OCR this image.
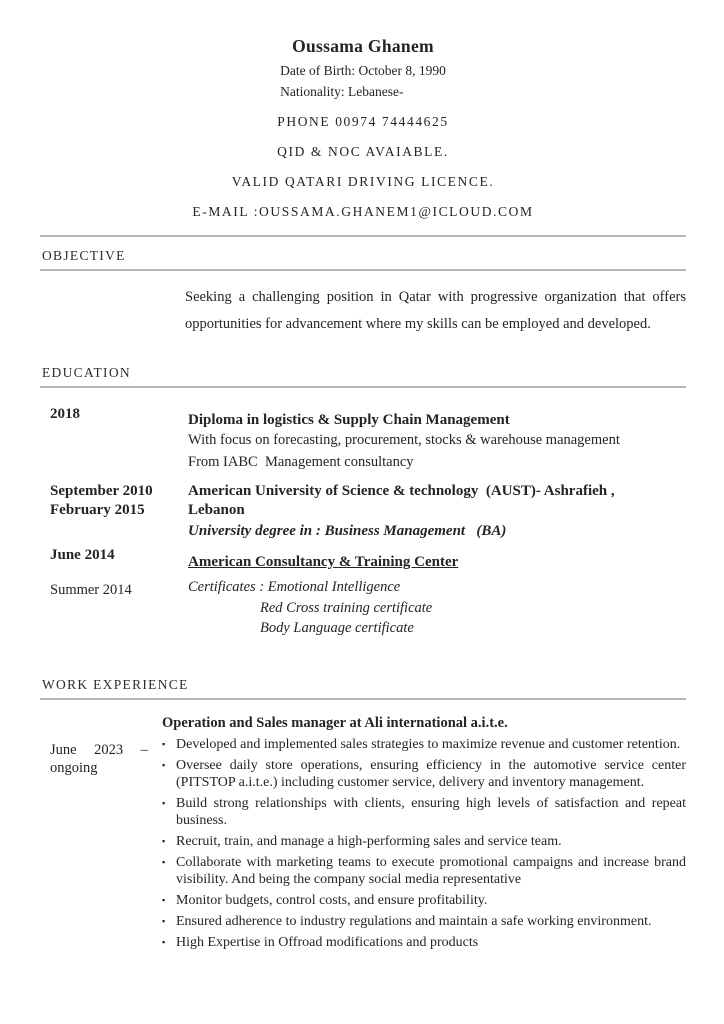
Oussama Ghanem
Date of Birth: October 8, 1990
Nationality: Lebanese-
PHONE 00974 74444625
QID & NOC AVAIABLE.
VALID QATARI DRIVING LICENCE.
E-MAIL :OUSSAMA.GHANEM1@ICLOUD.COM
OBJECTIVE

Seeking a challenging position in Qatar with progressive organization that offers opportunities for advancement where my skills can be employed and developed.

EDUCATION
2018	Diploma in logistics & Supply Chain Management
With focus on forecasting, procurement, stocks & warehouse management
From IABC  Management consultancy
September 2010
February 2015
American University of Science & technology  (AUST)- Ashrafieh ,
Lebanon
University degree in : Business Management   (BA)
June 2014
Summer 2014
American Consultancy & Training Center
Certificates : Emotional Intelligence
Red Cross training certificate
Body Language certificate
WORK EXPERIENCE
June 2023 –
ongoing
Operation and Sales manager at Ali international a.i.t.e.
▪
Developed and implemented sales strategies to maximize revenue and customer retention.
▪
Oversee daily store operations, ensuring efficiency in the automotive service center (PITSTOP a.i.t.e.) including customer service, delivery and inventory management.
▪
Build strong relationships with clients, ensuring high levels of satisfaction and repeat business.
▪
Recruit, train, and manage a high-performing sales and service team.
▪
Collaborate with marketing teams to execute promotional campaigns and increase brand visibility. And being the company social media representative
▪
Monitor budgets, control costs, and ensure profitability.
▪
Ensured adherence to industry regulations and maintain a safe working environment.
▪
High Expertise in Offroad modifications and products
